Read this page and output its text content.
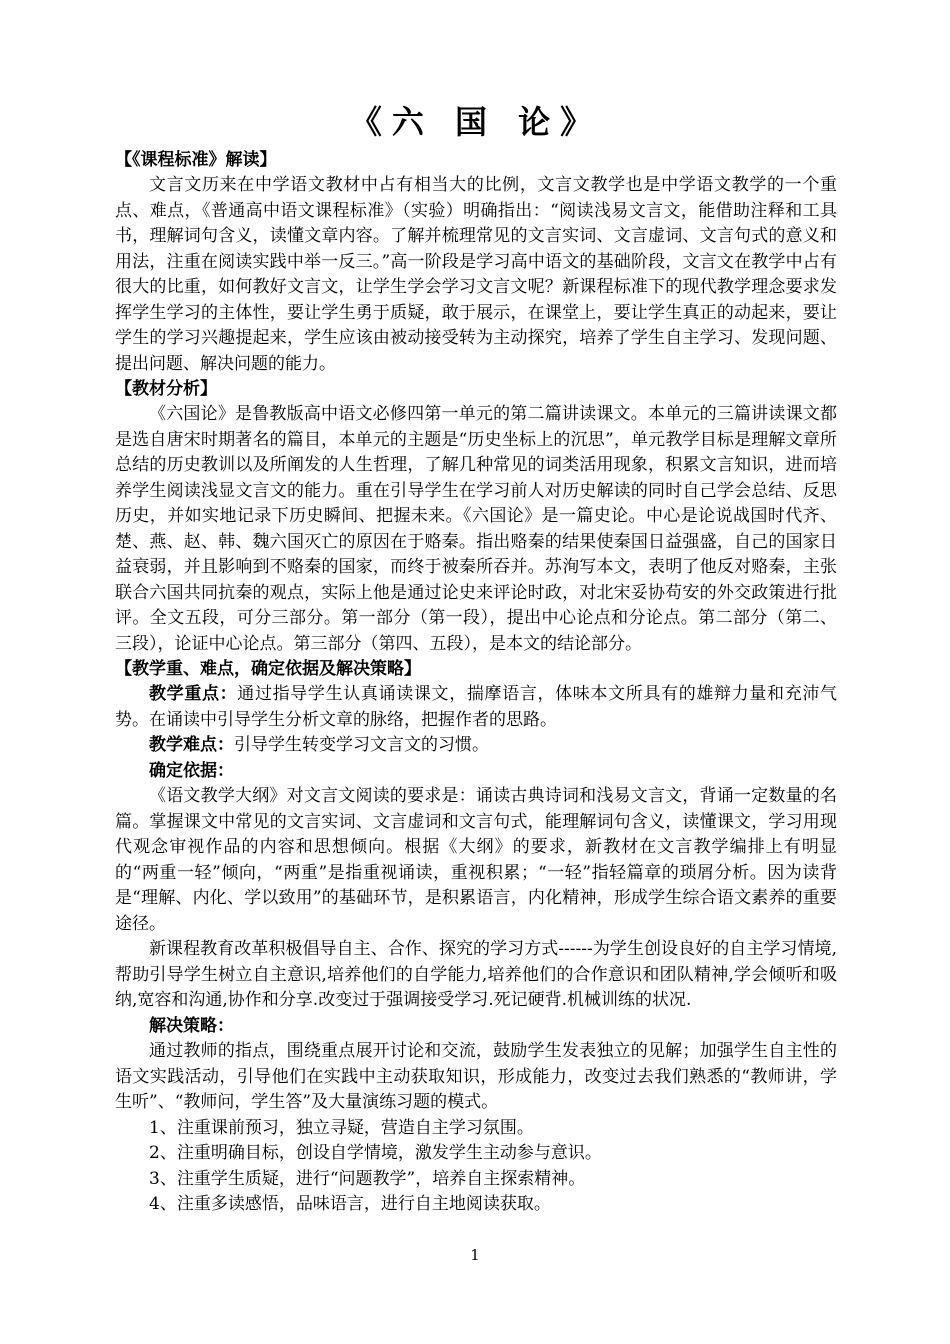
《六 国 论》
【《课程标准》解读】

文言文历来在中学语文教材中占有相当大的比例，文言文教学也是中学语文教学的一个重点、难点，《普通高中语文课程标准》（实验）明确指出：“阅读浅易文言文，能借助注释和工具书，理解词句含义，读懂文章内容。了解并梳理常见的文言实词、文言虚词、文言句式的意义和用法，注重在阅读实践中举一反三。”高一阶段是学习高中语文的基础阶段，文言文在教学中占有很大的比重，如何教好文言文，让学生学会学习文言文呢？新课程标准下的现代教学理念要求发挥学生学习的主体性，要让学生勇于质疑，敢于展示，在课堂上，要让学生真正的动起来，要让学生的学习兴趣提起来，学生应该由被动接受转为主动探究，培养了学生自主学习、发现问题、提出问题、解决问题的能力。

【教材分析】

《六国论》是鲁教版高中语文必修四第一单元的第二篇讲读课文。本单元的三篇讲读课文都是选自唐宋时期著名的篇目，本单元的主题是“历史坐标上的沉思”，单元教学目标是理解文章所总结的历史教训以及所阐发的人生哲理，了解几种常见的词类活用现象，积累文言知识，进而培养学生阅读浅显文言文的能力。重在引导学生在学习前人对历史解读的同时自己学会总结、反思历史，并如实地记录下历史瞬间、把握未来。《六国论》是一篇史论。中心是论说战国时代齐、楚、燕、赵、韩、魏六国灭亡的原因在于赂秦。指出赂秦的结果使秦国日益强盛，自己的国家日益衰弱，并且影响到不赂秦的国家，而终于被秦所吞并。苏洵写本文，表明了他反对赂秦，主张联合六国共同抗秦的观点，实际上他是通过论史来评论时政，对北宋妥协苟安的外交政策进行批评。全文五段，可分三部分。第一部分（第一段），提出中心论点和分论点。第二部分（第二、三段），论证中心论点。第三部分（第四、五段），是本文的结论部分。

【教学重、难点，确定依据及解决策略】

教学重点：通过指导学生认真诵读课文，揣摩语言，体味本文所具有的雄辩力量和充沛气势。在诵读中引导学生分析文章的脉络，把握作者的思路。

教学难点：引导学生转变学习文言文的习惯。

确定依据：

《语文教学大纲》对文言文阅读的要求是：诵读古典诗词和浅易文言文，背诵一定数量的名篇。掌握课文中常见的文言实词、文言虚词和文言句式，能理解词句含义，读懂课文，学习用现代观念审视作品的内容和思想倾向。根据《大纲》的要求，新教材在文言教学编排上有明显的“两重一轻”倾向，“两重”是指重视诵读，重视积累；“一轻”指轻篇章的琐屑分析。因为读背是“理解、内化、学以致用”的基础环节，是积累语言，内化精神，形成学生综合语文素养的重要途径。

新课程教育改革积极倡导自主、合作、探究的学习方式------为学生创设良好的自主学习情境,帮助引导学生树立自主意识,培养他们的自学能力,培养他们的合作意识和团队精神,学会倾听和吸纳,宽容和沟通,协作和分享.改变过于强调接受学习.死记硬背.机械训练的状况.

解决策略：

通过教师的指点，围绕重点展开讨论和交流，鼓励学生发表独立的见解；加强学生自主性的语文实践活动，引导他们在实践中主动获取知识，形成能力，改变过去我们熟悉的“教师讲，学生听”、“教师问，学生答”及大量演练习题的模式。

1、注重课前预习，独立寻疑，营造自主学习氛围。

2、注重明确目标，创设自学情境，激发学生主动参与意识。

3、注重学生质疑，进行“问题教学”，培养自主探索精神。

4、注重多读感悟，品味语言，进行自主地阅读获取。

1
